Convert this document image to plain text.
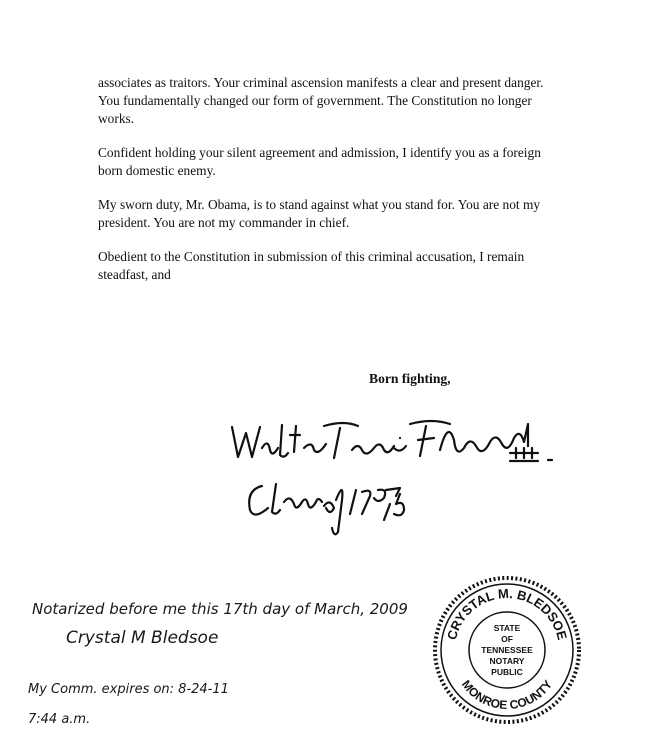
associates as traitors. Your criminal ascension manifests a clear and present danger. You fundamentally changed our form of government. The Constitution no longer works.

Confident holding your silent agreement and admission, I identify you as a foreign born domestic enemy.

My sworn duty, Mr. Obama, is to stand against what you stand for. You are not my president. You are not my commander in chief.

Obedient to the Constitution in submission of this criminal accusation, I remain steadfast, and

Born fighting,
Notarized before me this 17th day of March, 2009
Crystal M Bledsoe
My Comm. expires on: 8-24-11
7:44 a.m.
CRYSTAL M. BLEDSOE
MONROE COUNTY
STATE
OF
TENNESSEE
NOTARY
PUBLIC
